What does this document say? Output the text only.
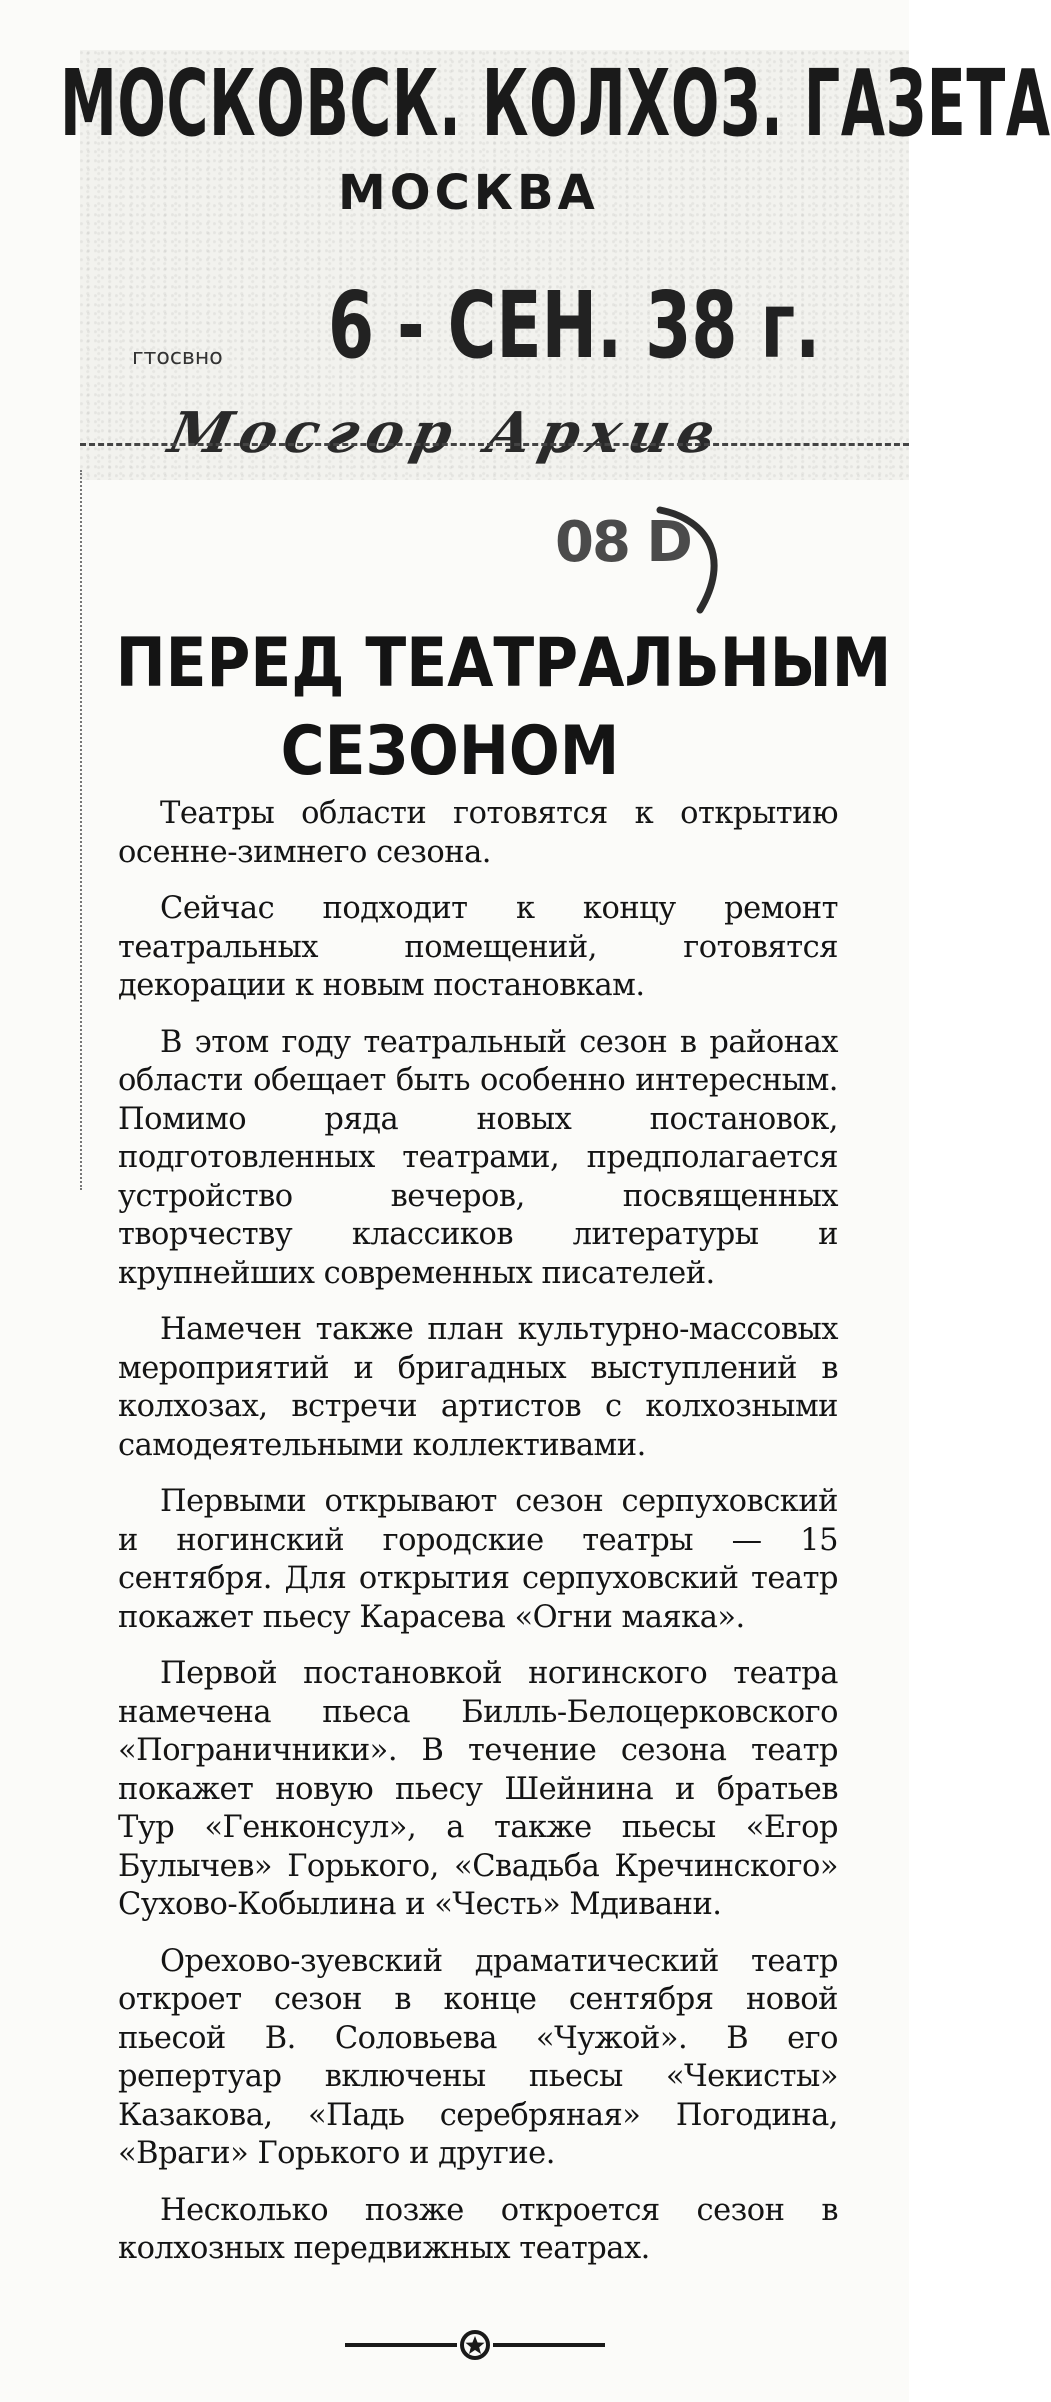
МОСКОВСК. КОЛХОЗ. ГАЗЕТА
МОСКВА
6 - СЕН. 38 г.
гтосвно
Мосгор Архив
08 D
ПЕРЕД ТЕАТРАЛЬНЫМ
СЕЗОНОМ

Театры области готовятся к открытию осенне-зимнего сезона.

Сейчас подходит к концу ремонт театральных помещений, готовятся декорации к новым постановкам.

В этом году театральный сезон в районах области обещает быть особенно интересным. Помимо ряда новых постановок, подготовленных театрами, предполагается устройство вечеров, посвященных творчеству классиков литературы и крупнейших современных писателей.

Намечен также план культурно-массовых мероприятий и бригадных выступлений в колхозах, встречи артистов с колхозными самодеятельными коллективами.

Первыми открывают сезон серпуховский и ногинский городские театры — 15 сентября. Для открытия серпуховский театр покажет пьесу Карасева «Огни маяка».

Первой постановкой ногинского театра намечена пьеса Билль-Белоцерковского «Пограничники». В течение сезона театр покажет новую пьесу Шейнина и братьев Тур «Генконсул», а также пьесы «Егор Булычев» Горького, «Свадьба Кречинского» Сухово-Кобылина и «Честь» Мдивани.

Орехово-зуевский драматический театр откроет сезон в конце сентября новой пьесой В. Соловьева «Чужой». В его репертуар включены пьесы «Чекисты» Казакова, «Падь серебряная» Погодина, «Враги» Горького и другие.

Несколько позже откроется сезон в колхозных передвижных театрах.
